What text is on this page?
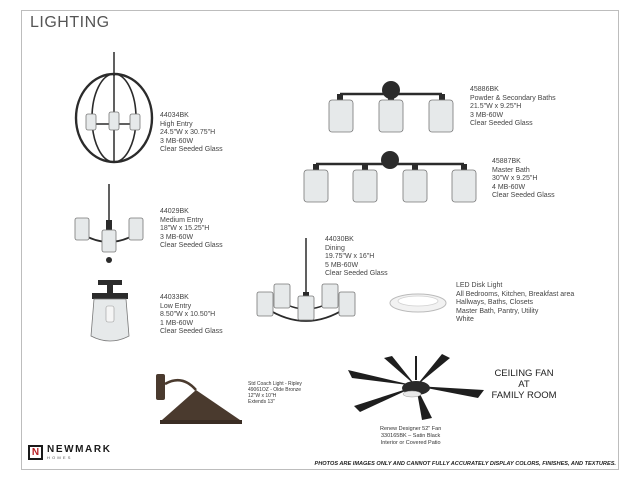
LIGHTING
44034BK
High Entry
24.5"W x 30.75"H
3 MB-60W
Clear Seeded Glass
44029BK
Medium Entry
18"W x 15.25"H
3 MB-60W
Clear Seeded Glass
44033BK
Low Entry
8.50"W x 10.50"H
1 MB-60W
Clear Seeded Glass
45886BK
Powder & Secondary Baths
21.5"W x 9.25"H
3 MB-60W
Clear Seeded Glass
45887BK
Master Bath
30"W x 9.25"H
4 MB-60W
Clear Seeded Glass
44030BK
Dining
19.75"W x 16"H
5 MB-60W
Clear Seeded Glass
LED Disk Light
All Bedrooms, Kitchen, Breakfast area
Hallways, Baths, Closets
Master Bath, Pantry, Utility
White
Std Coach Light - Ripley
49061OZ - Olde Bronze
12"W x 10"H
Extends 13"
CEILING FAN AT
FAMILY ROOM
Renew Designer 52" Fan
330165BK – Satin Black
Interior or Covered Patio
N NEWMARK
HOMES
PHOTOS ARE IMAGES ONLY AND CANNOT FULLY ACCURATELY DISPLAY COLORS, FINISHES, AND TEXTURES.
